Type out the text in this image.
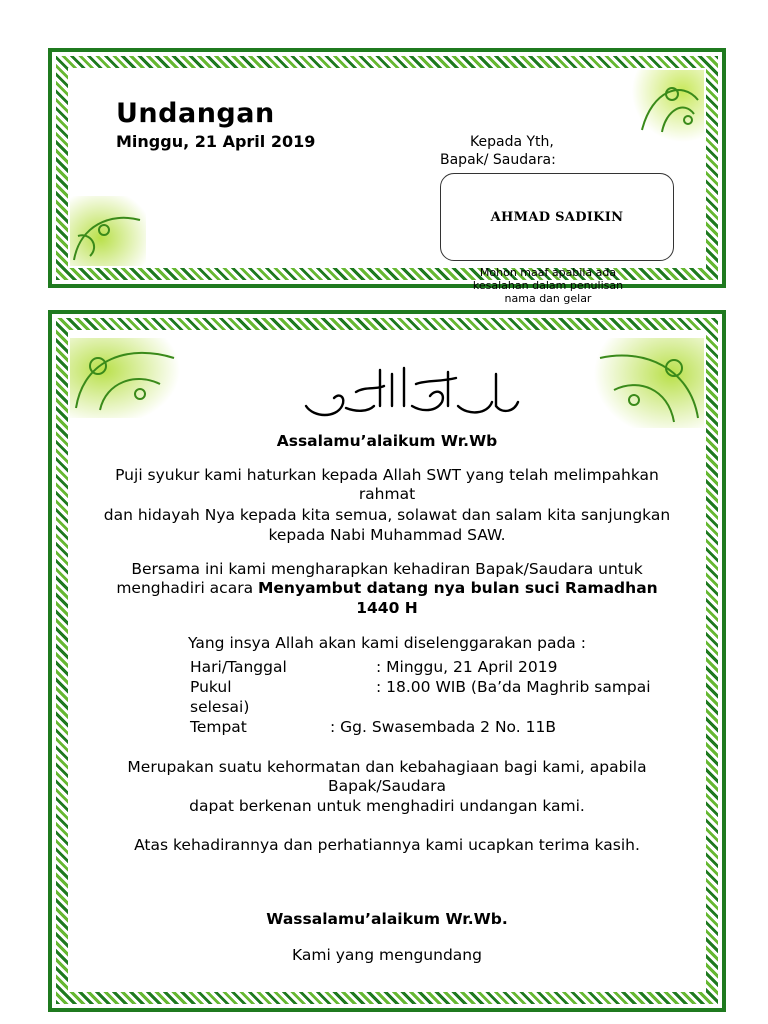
Undangan
Minggu, 21 April 2019	Kepada Yth,
Bapak/ Saudara:
AHMAD SADIKIN
Mohon maaf apabila ada kesalahan dalam penulisan nama dan gelar
Assalamu’alaikum Wr.Wb
Puji syukur kami haturkan kepada Allah SWT yang telah melimpahkan
rahmat
dan hidayah Nya kepada kita semua, solawat dan salam kita sanjungkan
kepada Nabi Muhammad SAW.
Bersama ini kami mengharapkan kehadiran Bapak/Saudara untuk
menghadiri acara Menyambut datang nya bulan suci Ramadhan
1440 H
Yang insya Allah akan kami diselenggarakan pada :
Hari/Tanggal	: Minggu, 21 April 2019
Pukul	: 18.00 WIB (Ba’da Maghrib sampai
selesai)
Tempat	: Gg. Swasembada 2 No. 11B
Merupakan suatu kehormatan dan kebahagiaan bagi kami, apabila
Bapak/Saudara
dapat berkenan untuk menghadiri undangan kami.
Atas kehadirannya dan perhatiannya kami ucapkan terima kasih.
Wassalamu’alaikum Wr.Wb.
Kami yang mengundang
